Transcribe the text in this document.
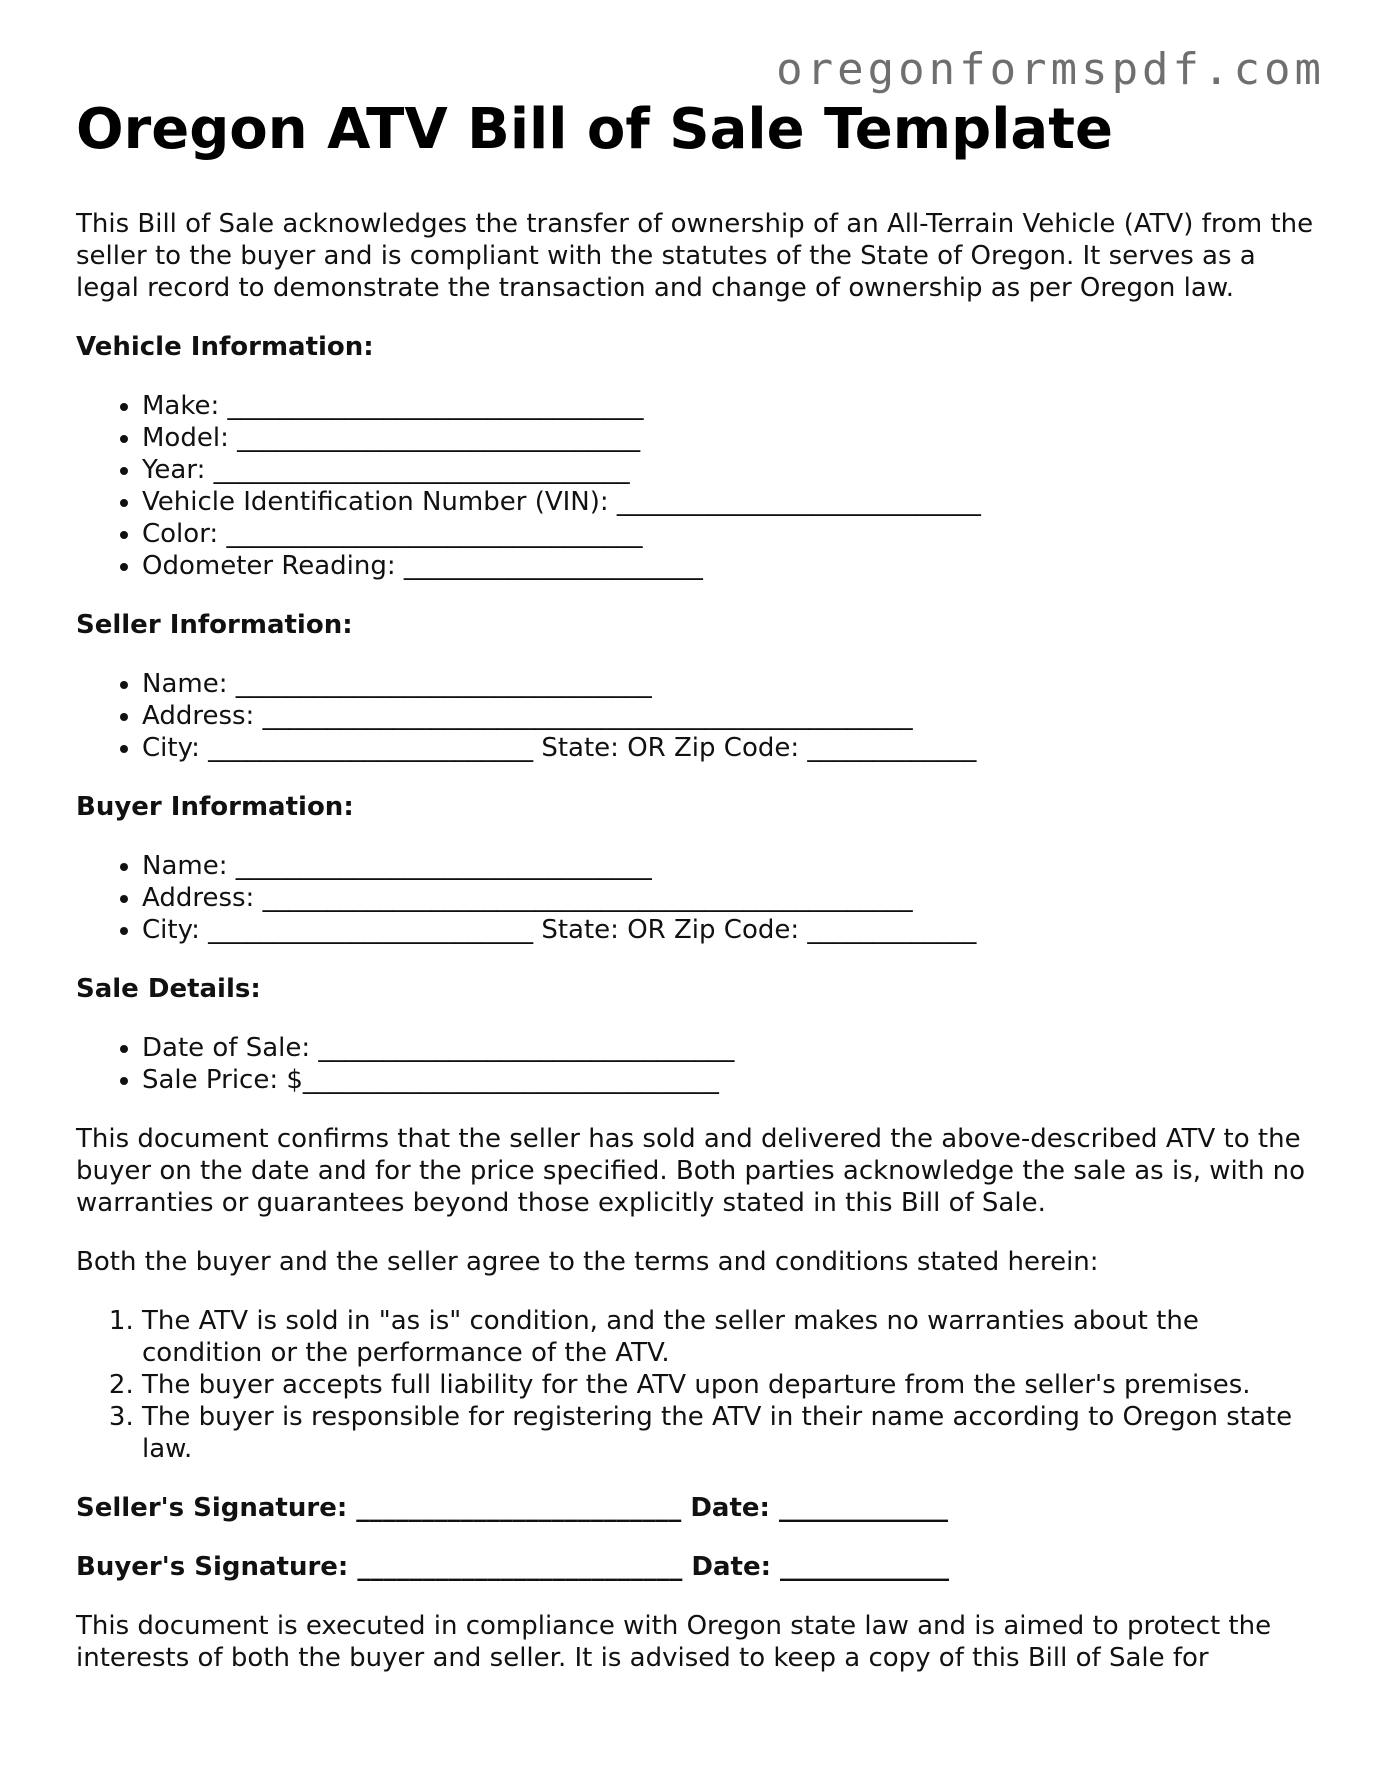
oregonformspdf.com
Oregon ATV Bill of Sale Template

This Bill of Sale acknowledges the transfer of ownership of an All-Terrain Vehicle (ATV) from the seller to the buyer and is compliant with the statutes of the State of Oregon. It serves as a legal record to demonstrate the transaction and change of ownership as per Oregon law.

Vehicle Information:

• Make: ________________________________
• Model: _______________________________
• Year: ________________________________
• Vehicle Identification Number (VIN): ____________________________
• Color: ________________________________
• Odometer Reading: _______________________

Seller Information:

• Name: ________________________________
• Address: __________________________________________________
• City: _________________________ State: OR Zip Code: _____________

Buyer Information:

• Name: ________________________________
• Address: __________________________________________________
• City: _________________________ State: OR Zip Code: _____________

Sale Details:

• Date of Sale: ________________________________
• Sale Price: $________________________________

This document confirms that the seller has sold and delivered the above-described ATV to the buyer on the date and for the price specified. Both parties acknowledge the sale as is, with no warranties or guarantees beyond those explicitly stated in this Bill of Sale.

Both the buyer and the seller agree to the terms and conditions stated herein:

1. The ATV is sold in "as is" condition, and the seller makes no warranties about the condition or the performance of the ATV.
2. The buyer accepts full liability for the ATV upon departure from the seller's premises.
3. The buyer is responsible for registering the ATV in their name according to Oregon state law.

Seller's Signature: _________________________ Date: _____________

Buyer's Signature: _________________________ Date: _____________

This document is executed in compliance with Oregon state law and is aimed to protect the interests of both the buyer and seller. It is advised to keep a copy of this Bill of Sale for
